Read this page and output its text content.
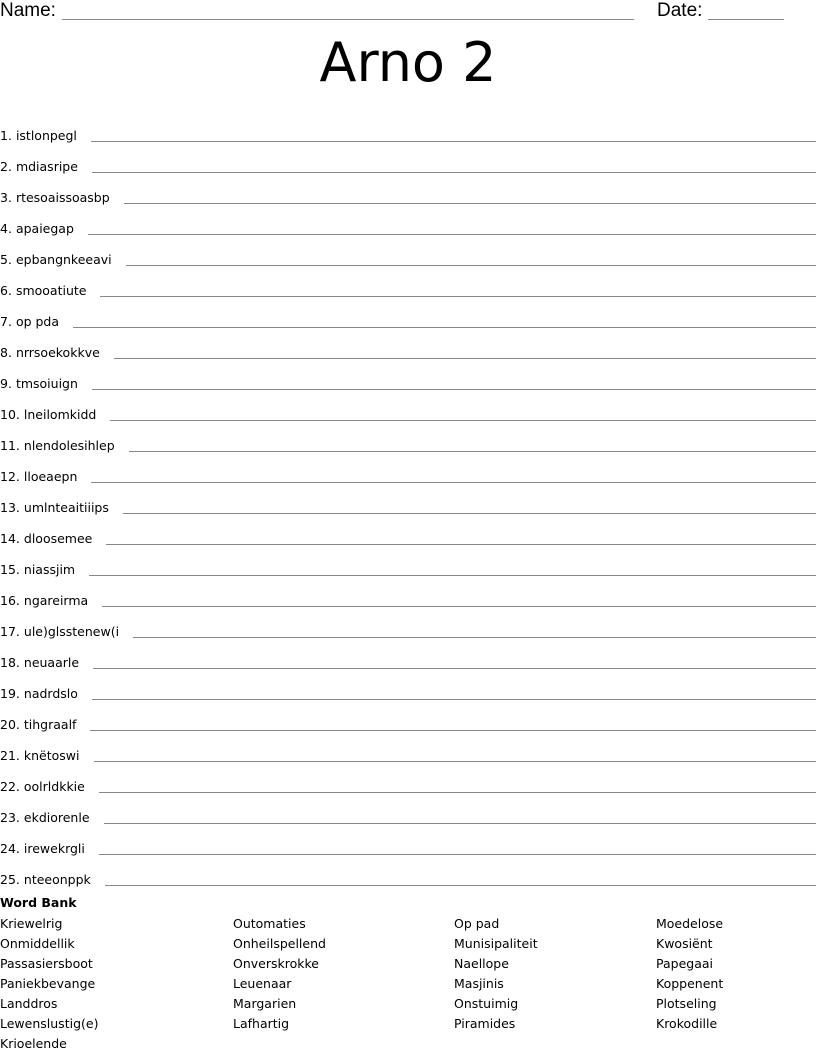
Name:	Date:
Arno 2
1. istlonpegl
2. mdiasripe
3. rtesoaissoasbp
4. apaiegap
5. epbangnkeeavi
6. smooatiute
7. op pda
8. nrrsoekokkve
9. tmsoiuign
10. lneilomkidd
11. nlendolesihlep
12. lloeaepn
13. umlnteaitiiips
14. dloosemee
15. niassjim
16. ngareirma
17. ule)glsstenew(i
18. neuaarle
19. nadrdslo
20. tihgraalf
21. knëtoswi
22. oolrldkkie
23. ekdiorenle
24. irewekrgli
25. nteeonppk
Word Bank
Kriewelrig
Onmiddellik
Passasiersboot
Paniekbevange
Landdros
Lewenslustig(e)
Krioelende
Outomaties
Onheilspellend
Onverskrokke
Leuenaar
Margarien
Lafhartig
Op pad
Munisipaliteit
Naellope
Masjinis
Onstuimig
Piramides
Moedelose
Kwosiënt
Papegaai
Koppenent
Plotseling
Krokodille
